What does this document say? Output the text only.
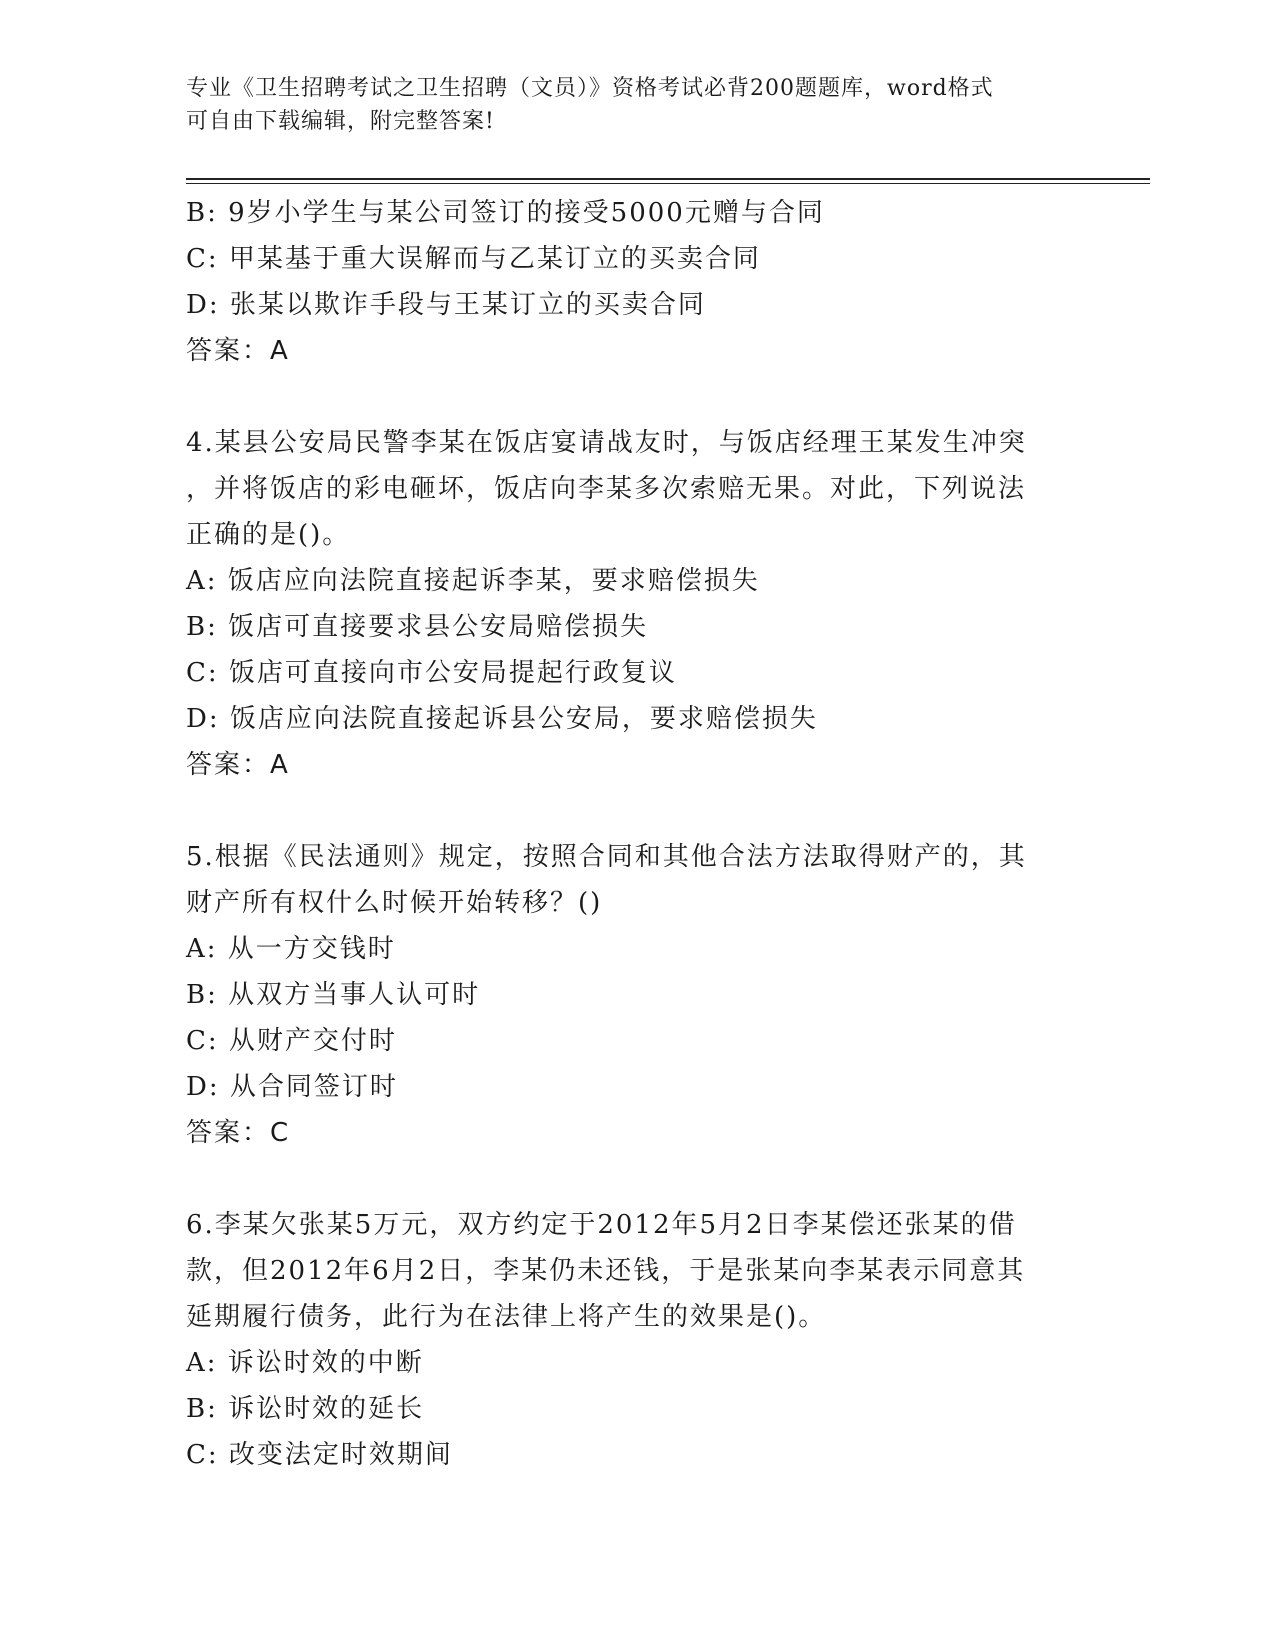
专业《卫生招聘考试之卫生招聘（文员）》资格考试必背200题题库，word格式
可自由下载编辑，附完整答案!
B: 9岁小学生与某公司签订的接受5000元赠与合同
C: 甲某基于重大误解而与乙某订立的买卖合同
D: 张某以欺诈手段与王某订立的买卖合同
答案：A
4.某县公安局民警李某在饭店宴请战友时，与饭店经理王某发生冲突
，并将饭店的彩电砸坏，饭店向李某多次索赔无果。对此，下列说法
正确的是()。
A: 饭店应向法院直接起诉李某，要求赔偿损失
B: 饭店可直接要求县公安局赔偿损失
C: 饭店可直接向市公安局提起行政复议
D: 饭店应向法院直接起诉县公安局，要求赔偿损失
答案：A
5.根据《民法通则》规定，按照合同和其他合法方法取得财产的，其
财产所有权什么时候开始转移？()
A: 从一方交钱时
B: 从双方当事人认可时
C: 从财产交付时
D: 从合同签订时
答案：C
6.李某欠张某5万元，双方约定于2012年5月2日李某偿还张某的借
款，但2012年6月2日，李某仍未还钱，于是张某向李某表示同意其
延期履行债务，此行为在法律上将产生的效果是()。
A: 诉讼时效的中断
B: 诉讼时效的延长
C: 改变法定时效期间
